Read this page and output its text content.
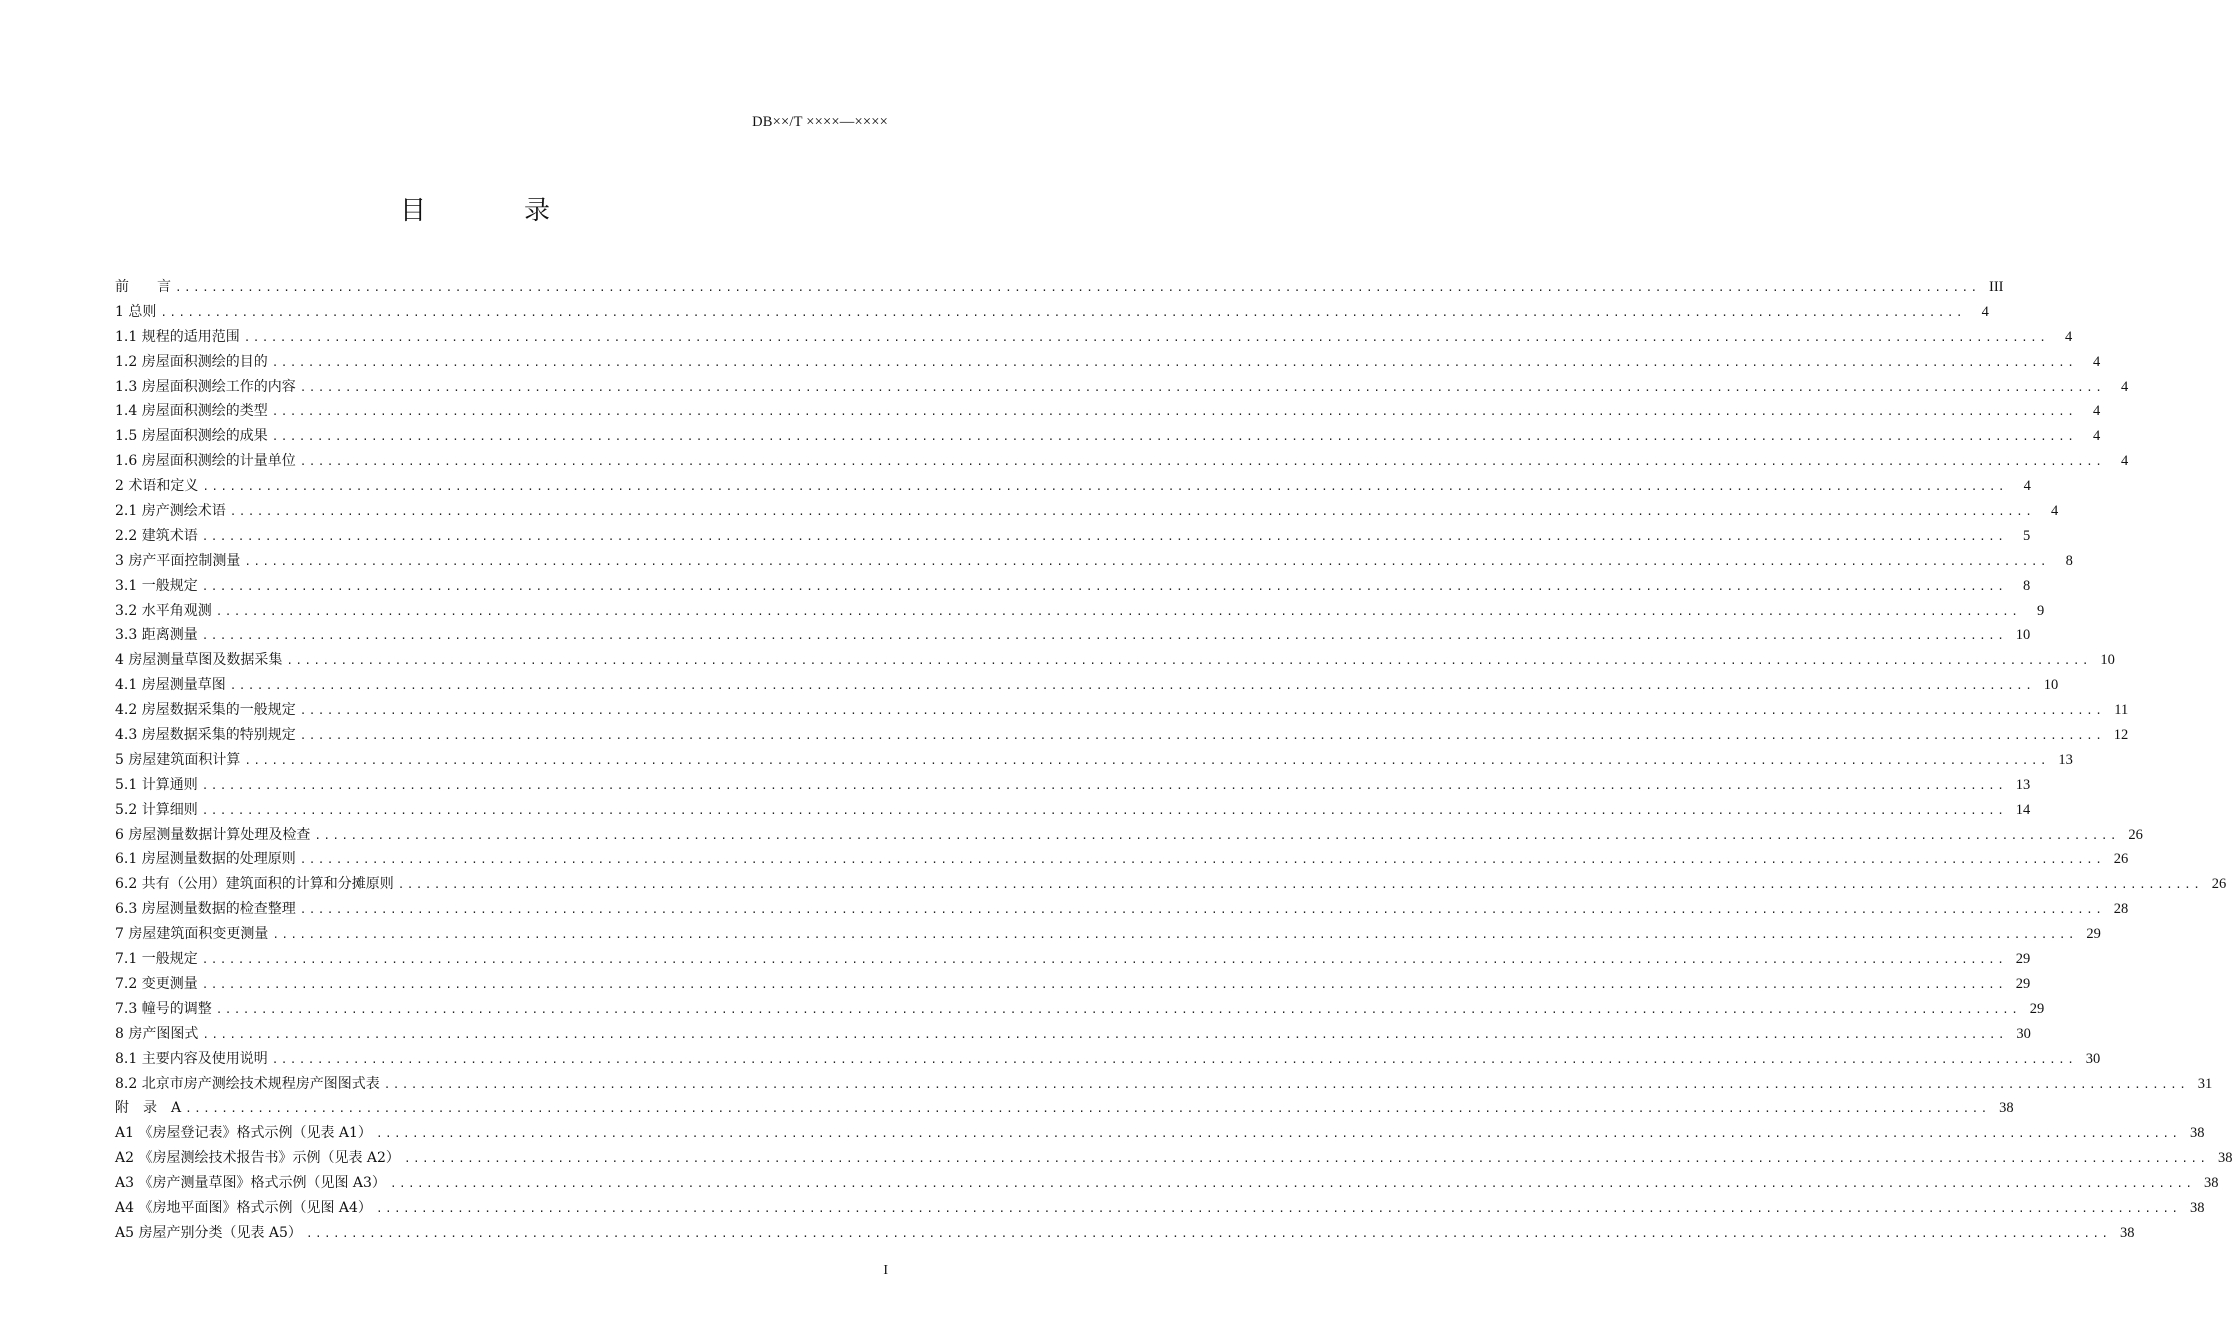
DB××/T ××××—××××
目　录
前　　言 ........................................................................................................................................................................................................ III
1 总则 ........................................................................................................................................................................................................	4
1.1 规程的适用范围 ........................................................................................................................................................................................................	4
1.2 房屋面积测绘的目的 ........................................................................................................................................................................................................	4
1.3 房屋面积测绘工作的内容 ........................................................................................................................................................................................................	4
1.4 房屋面积测绘的类型 ........................................................................................................................................................................................................	4
1.5 房屋面积测绘的成果 ........................................................................................................................................................................................................	4
1.6 房屋面积测绘的计量单位 ........................................................................................................................................................................................................	4
2 术语和定义 ........................................................................................................................................................................................................	4
2.1 房产测绘术语 ........................................................................................................................................................................................................	4
2.2 建筑术语 ........................................................................................................................................................................................................	5
3 房产平面控制测量 ........................................................................................................................................................................................................	8
3.1 一般规定 ........................................................................................................................................................................................................	8
3.2 水平角观测 ........................................................................................................................................................................................................	9
3.3 距离测量 ........................................................................................................................................................................................................ 10
4 房屋测量草图及数据采集 ........................................................................................................................................................................................................ 10
4.1 房屋测量草图 ........................................................................................................................................................................................................ 10
4.2 房屋数据采集的一般规定 ........................................................................................................................................................................................................ 11
4.3 房屋数据采集的特别规定 ........................................................................................................................................................................................................ 12
5 房屋建筑面积计算 ........................................................................................................................................................................................................ 13
5.1 计算通则 ........................................................................................................................................................................................................ 13
5.2 计算细则 ........................................................................................................................................................................................................ 14
6 房屋测量数据计算处理及检查 ........................................................................................................................................................................................................ 26
6.1 房屋测量数据的处理原则 ........................................................................................................................................................................................................ 26
6.2 共有（公用）建筑面积的计算和分摊原则 ........................................................................................................................................................................................................ 26
6.3 房屋测量数据的检查整理 ........................................................................................................................................................................................................ 28
7 房屋建筑面积变更测量 ........................................................................................................................................................................................................ 29
7.1 一般规定 ........................................................................................................................................................................................................ 29
7.2 变更测量 ........................................................................................................................................................................................................ 29
7.3 幢号的调整 ........................................................................................................................................................................................................ 29
8 房产图图式 ........................................................................................................................................................................................................ 30
8.1 主要内容及使用说明 ........................................................................................................................................................................................................ 30
8.2 北京市房产测绘技术规程房产图图式表 ........................................................................................................................................................................................................ 31
附　录　A ........................................................................................................................................................................................................ 38
A1 《房屋登记表》格式示例（见表 A1） ........................................................................................................................................................................................................ 38
A2 《房屋测绘技术报告书》示例（见表 A2） ........................................................................................................................................................................................................ 38
A3 《房产测量草图》格式示例（见图 A3） ........................................................................................................................................................................................................ 38
A4 《房地平面图》格式示例（见图 A4） ........................................................................................................................................................................................................ 38
A5 房屋产别分类（见表 A5） ........................................................................................................................................................................................................ 38
I
